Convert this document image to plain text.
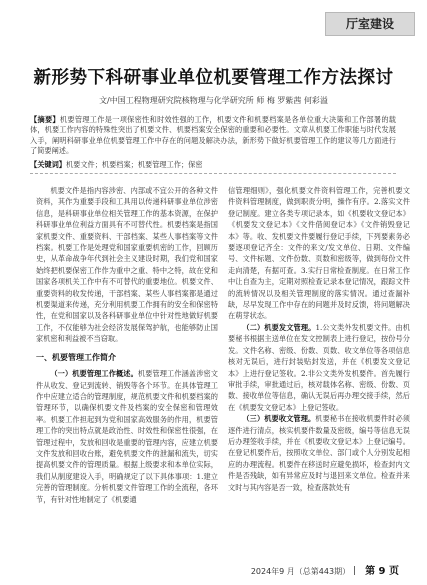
厅室建设
新形势下科研事业单位机要管理工作方法探讨
文/中国工程物理研究院核物理与化学研究所 师 梅 罗紫茜 何彩溢
【摘要】机要管理工作是一项保密性和时效性强的工作，机要文件和机要档案是各单位重大决策和工作部署的载体，机要工作内容的特殊性突出了机要文件、机要档案安全保密的重要和必要性。文章从机要工作职能与时代发展入手，阐明科研事业单位机要管理工作中存在的问题及解决办法，新形势下做好机要管理工作的建议等几方面进行了简要阐述。
【关键词】机要文件；机要档案；机要管理工作；保密

机要文件是指内容涉密、内部或不宜公开的各种文件资料，其作为重要手段和工具用以传递科研事业单位涉密信息，是科研事业单位相关管理工作的基本资源，在保护科研事业单位利益方面具有不可替代性。机要档案是指国家机要文件、重要资料、干部档案、某些人事档案等文件档案。机要工作是处理党和国家重要机密的工作，回顾历史，从革命战争年代到社会主义建设时期，我们党和国家始终把机要保密工作作为重中之重、特中之特，故在党和国家各项机关工作中有不可替代的重要地位。机要文件、重要资料的收发传递，干部档案、某些人事档案都是通过机要渠道来传递，充分利用机要工作拥有的安全和保密特性，在党和国家以及各科研事业单位中针对性地做好机要工作，不仅能够为社会经济发展保驾护航，也能够防止国家机密和利益被不当窃取。

一、机要管理工作简介

（一）机要管理工作概述。机要管理工作涵盖涉密文件从收发、登记到流转、销毁等各个环节。在具体管理工作中应建立适合的管理制度，规范机要文件和机要档案的管理环节，以确保机要文件及档案的安全保密和管理效率。机要工作担起到为党和国家高效服务的作用，机要管理工作的突出特点就是政治性、时效性和保密性很强，在管理过程中，发放和回收是重要的管理内容，应建立机要文件发放和回收台账，避免机要文件的泄漏和流失，切实提高机要文件的管理质量。根据上级要求和本单位实际，我们从制度建设入手，明确规定了以下具体事项：1.建立完善的管理制度。分析机要文件管理工作的全流程，各环节，有针对性地制定了《机要通

信管理细则》，强化机要文件资料管理工作，完善机要文件资料管理制度，做到职责分明，操作有序。2.落实文件登记制度。建立各类专项记录本，如《机要收文登记本》《机要发文登记本》《文件借阅登记本》《文件销毁登记本》等。收、发机要文件要履行登记手续，下列要素务必要逐项登记齐全：文件的来文/发文单位、日期、文件编号、文件标题、文件份数、页数和密级等，做到每份文件走向清楚，有据可查。3.实行日常检查制度。在日常工作中让自查为主，定期对照检查记录本登记情况，跟踪文件的流转情况以及相关管理制度的落实情况。通过查漏补缺，尽早发现工作中存在的问题并及时反馈，将问题解决在萌芽状态。

（二）机要发文管理。1.公文类外发机要文件。由机要秘书根据主送单位在发文控制表上进行登记，按份号分发。文件名称、密级、份数、页数、收文单位等各项信息核对无误后，进行封装贴封发送，并在《机要发文登记本》上进行登记签收。2.非公文类外发机要件。首先履行审批手续，审批通过后，核对载体名称、密级、份数、页数、接收单位等信息，确认无误后再办理交接手续，然后在《机要发文登记本》上登记签收。

（三）机要收文管理。机要秘书在接收机要件时必须逐件进行清点，核实机要件数量及密级，编号等信息无误后办理签收手续，并在《机要收文登记本》上登记编号。在登记机要件后，按照收文单位、部门或个人分别发起相应的办理流程。机要件在移送时应避免损坏，检查封内文件是否残缺，如有异常应及时与退回来文单位。检查并来文时与其内容是否一致，检查落款处有

2024年9 月（总第443期） 第 9 页
